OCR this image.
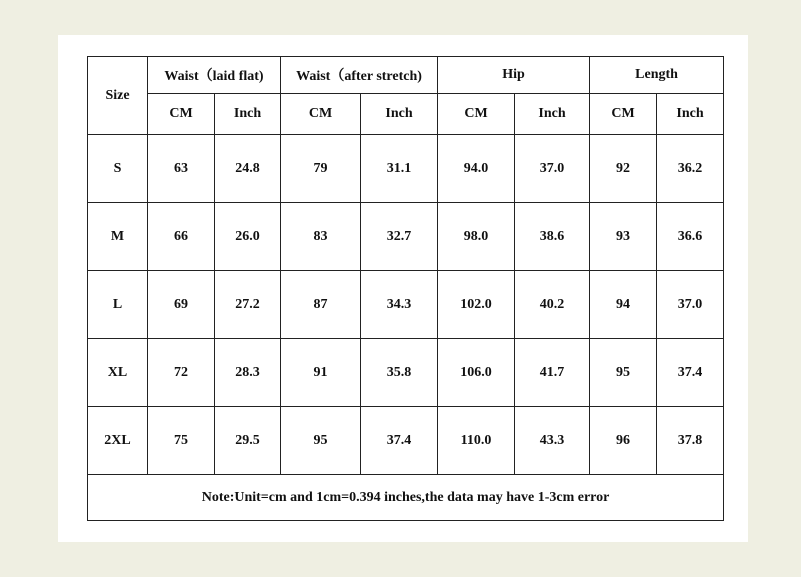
Size	Waist（laid flat)		Waist（after stretch)		Hip		Length	
	CM	Inch	CM	Inch	CM	Inch	CM	Inch
S	63	24.8	79	31.1	94.0	37.0	92	36.2
M	66	26.0	83	32.7	98.0	38.6	93	36.6
L	69	27.2	87	34.3	102.0	40.2	94	37.0
XL	72	28.3	91	35.8	106.0	41.7	95	37.4
2XL	75	29.5	95	37.4	110.0	43.3	96	37.8
Note:Unit=cm and 1cm=0.394 inches,the data may have 1-3cm error								
